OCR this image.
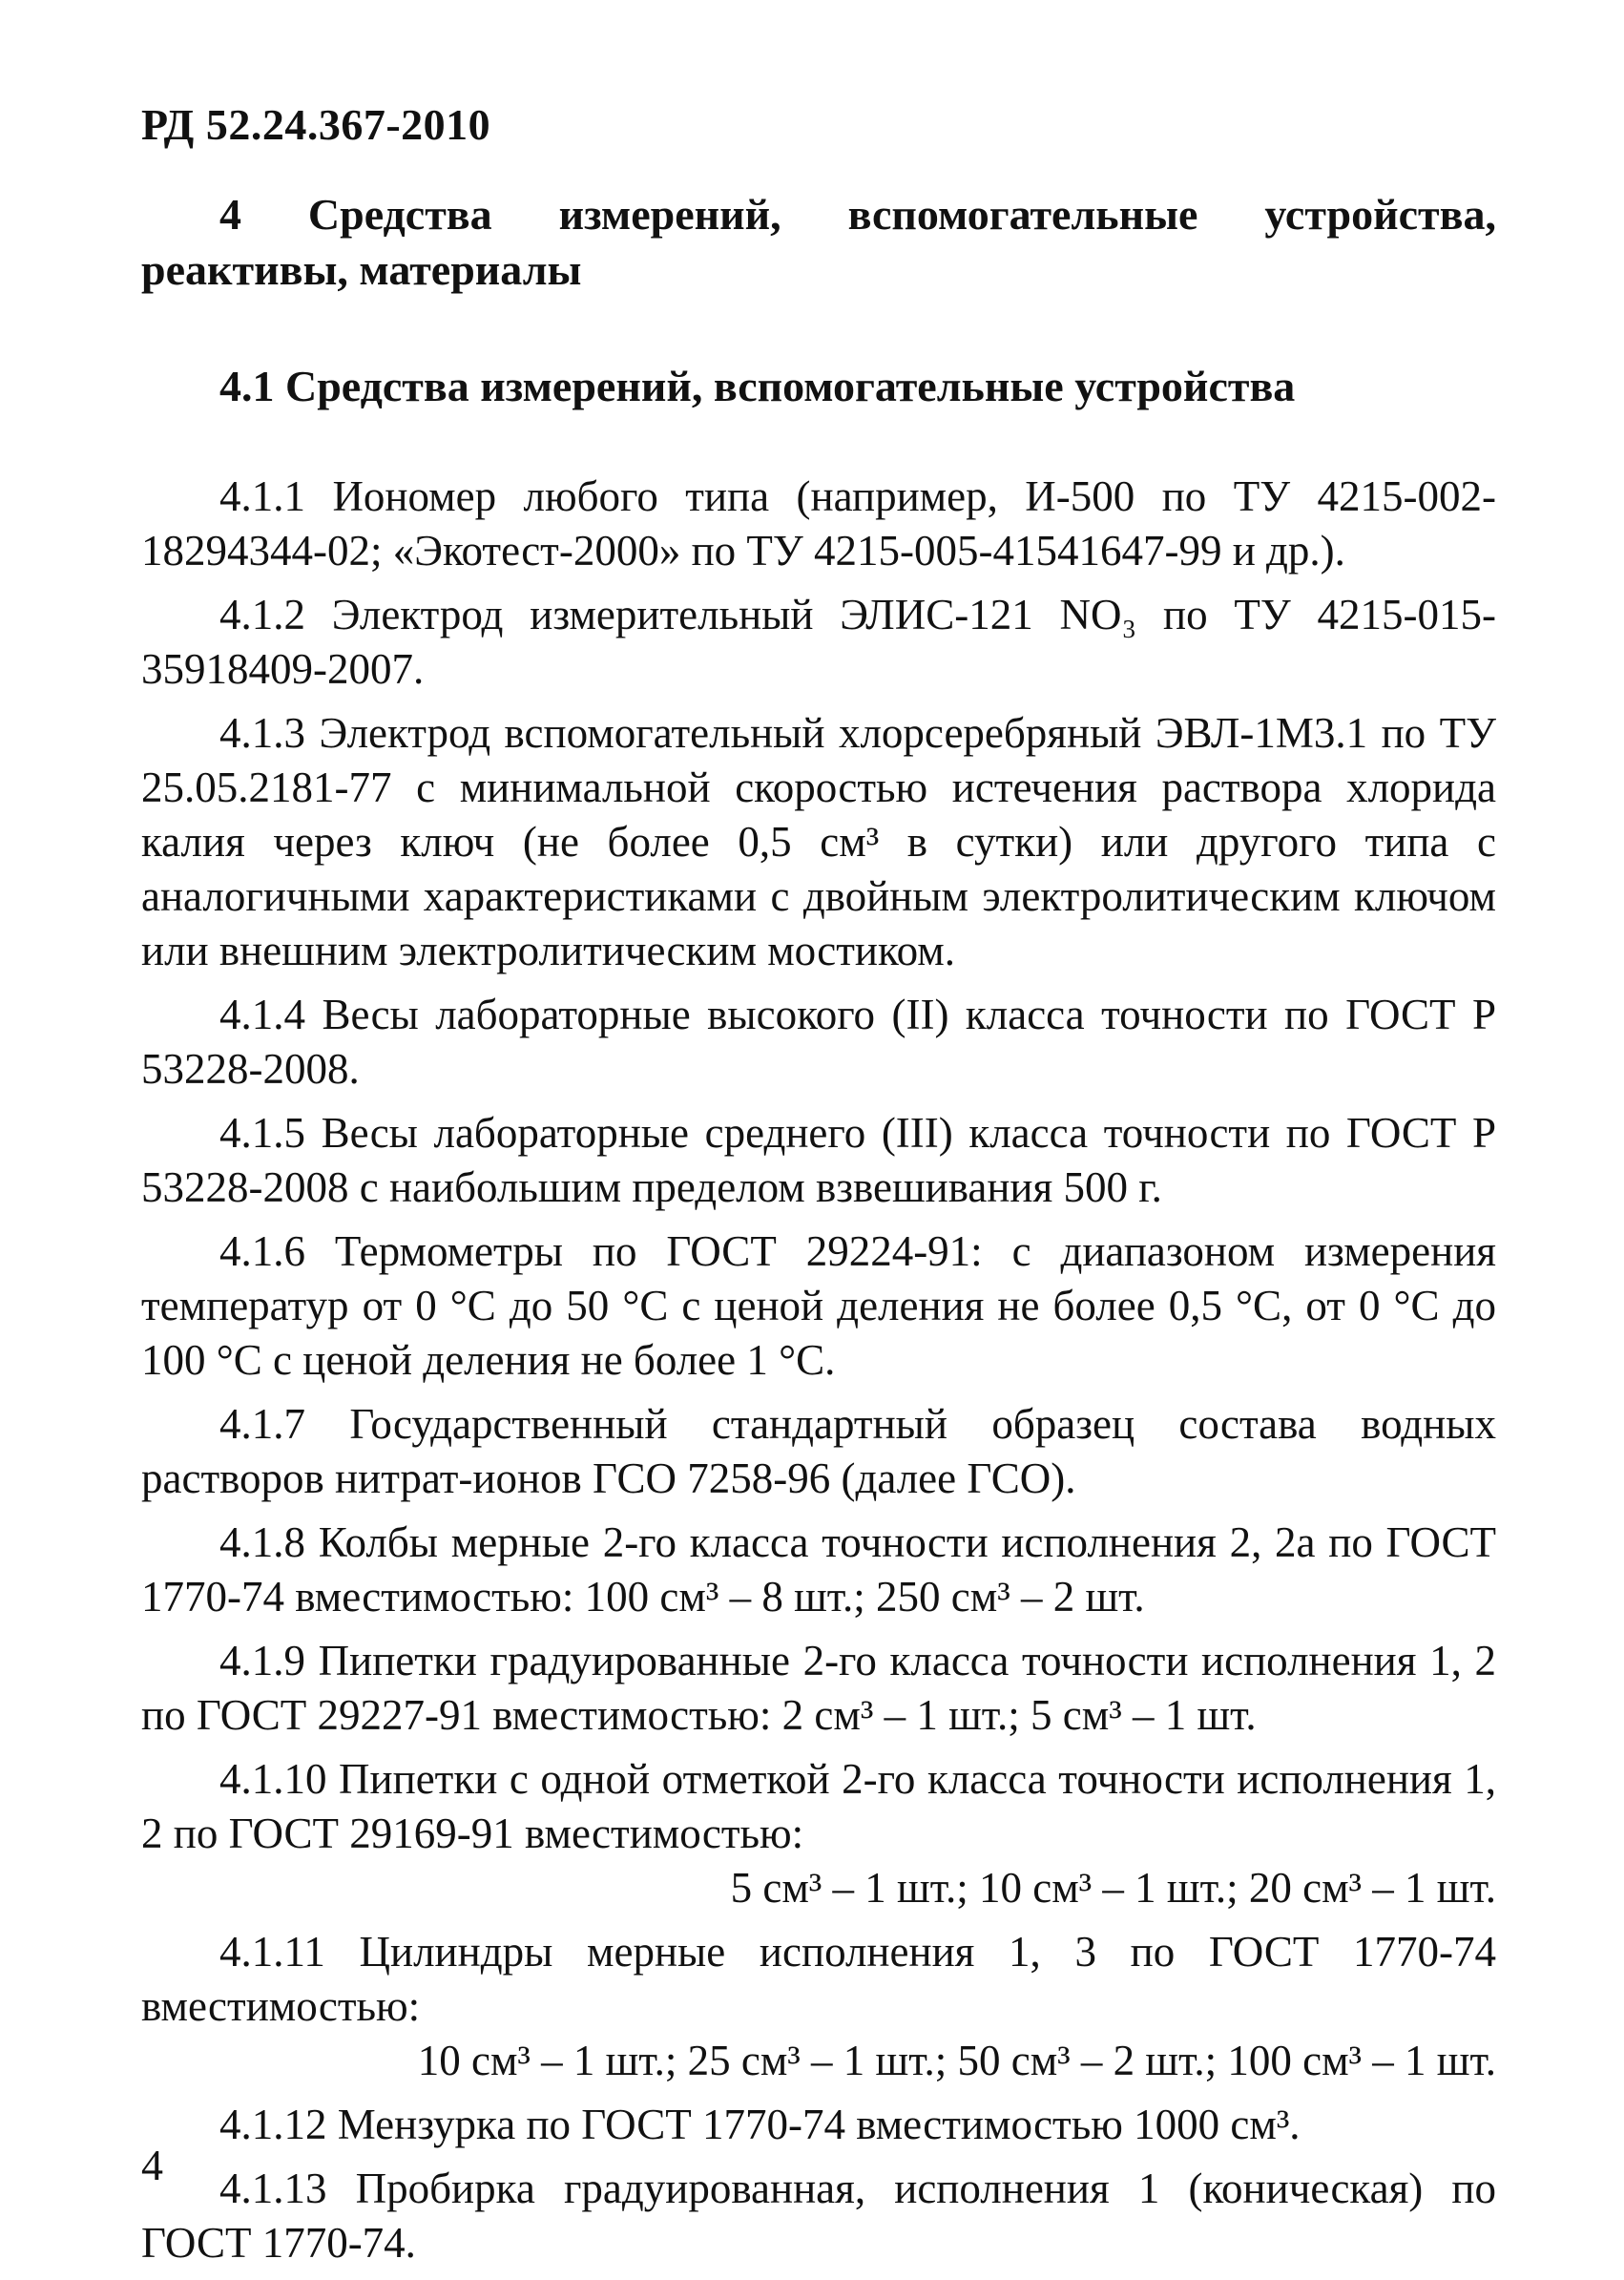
РД 52.24.367-2010

4 Средства измерений, вспомогательные устройства,
реактивы, материалы
4.1 Средства измерений, вспомогательные устройства

4.1.1 Иономер любого типа (например, И-500 по ТУ 4215-002-18294344-02; «Экотест-2000» по ТУ 4215-005-41541647-99 и др.).

4.1.2 Электрод измерительный ЭЛИС-121 NO₃ по ТУ 4215-015-35918409-2007.

4.1.3 Электрод вспомогательный хлорсеребряный ЭВЛ-1М3.1 по ТУ 25.05.2181-77 с минимальной скоростью истечения раствора хлорида калия через ключ (не более 0,5 см³ в сутки) или другого типа с аналогичными характеристиками с двойным электролитическим ключом или внешним электролитическим мостиком.

4.1.4 Весы лабораторные высокого (II) класса точности по ГОСТ Р 53228-2008.

4.1.5 Весы лабораторные среднего (III) класса точности по ГОСТ Р 53228-2008 с наибольшим пределом взвешивания 500 г.

4.1.6 Термометры по ГОСТ 29224-91: с диапазоном измерения температур от 0 °С до 50 °С с ценой деления не более 0,5 °С, от 0 °С до 100 °С с ценой деления не более 1 °С.

4.1.7 Государственный стандартный образец состава водных растворов нитрат-ионов ГСО 7258-96 (далее ГСО).

4.1.8 Колбы мерные 2-го класса точности исполнения 2, 2а по ГОСТ 1770-74 вместимостью: 100 см³ – 8 шт.; 250 см³ – 2 шт.

4.1.9 Пипетки градуированные 2-го класса точности исполнения 1, 2 по ГОСТ 29227-91 вместимостью: 2 см³ – 1 шт.; 5 см³ – 1 шт.

4.1.10 Пипетки с одной отметкой 2-го класса точности исполнения 1, 2 по ГОСТ 29169-91 вместимостью:
5 см³ – 1 шт.; 10 см³ – 1 шт.; 20 см³ – 1 шт.

4.1.11 Цилиндры мерные исполнения 1, 3 по ГОСТ 1770-74 вместимостью:
10 см³ – 1 шт.; 25 см³ – 1 шт.; 50 см³ – 2 шт.; 100 см³ – 1 шт.

4.1.12 Мензурка по ГОСТ 1770-74 вместимостью 1000 см³.

4.1.13 Пробирка градуированная, исполнения 1 (коническая) по ГОСТ 1770-74.

4
